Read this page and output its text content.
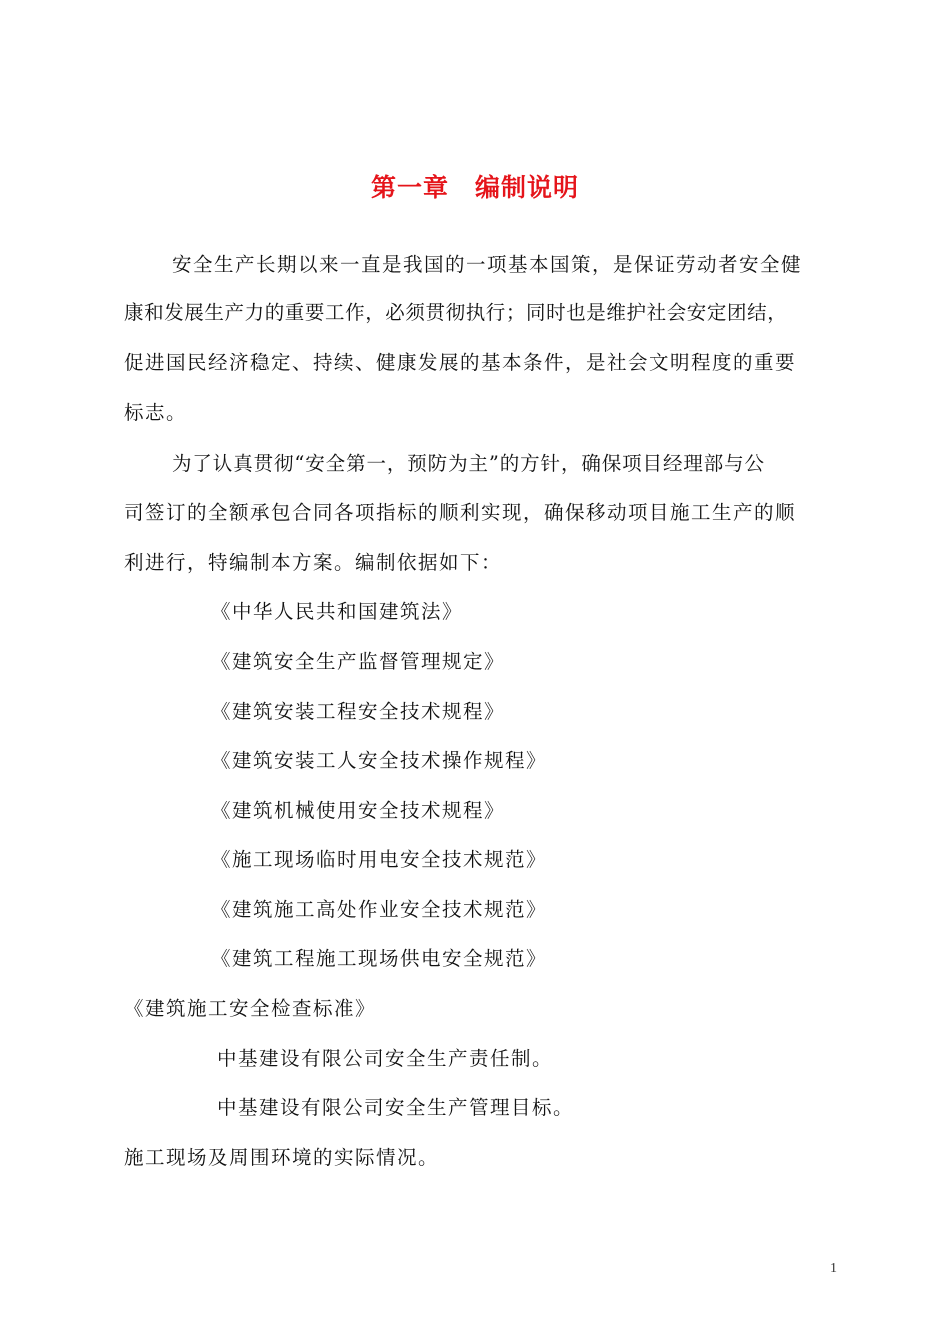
第一章　编制说明
安全生产长期以来一直是我国的一项基本国策，是保证劳动者安全健
康和发展生产力的重要工作，必须贯彻执行；同时也是维护社会安定团结，
促进国民经济稳定、持续、健康发展的基本条件，是社会文明程度的重要
标志。
为了认真贯彻“安全第一，预防为主”的方针，确保项目经理部与公
司签订的全额承包合同各项指标的顺利实现，确保移动项目施工生产的顺
利进行，特编制本方案。编制依据如下：
《中华人民共和国建筑法》
《建筑安全生产监督管理规定》
《建筑安装工程安全技术规程》
《建筑安装工人安全技术操作规程》
《建筑机械使用安全技术规程》
《施工现场临时用电安全技术规范》
《建筑施工高处作业安全技术规范》
《建筑工程施工现场供电安全规范》
《建筑施工安全检查标准》
中基建设有限公司安全生产责任制。
中基建设有限公司安全生产管理目标。
施工现场及周围环境的实际情况。
1
